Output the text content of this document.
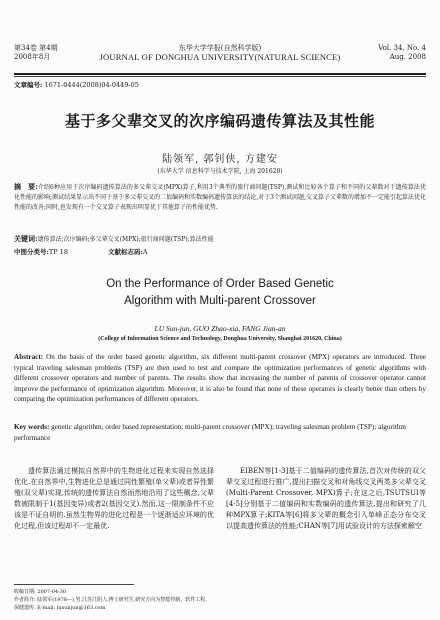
第34卷 第4期
2008年8月
东华大学学报(自然科学版)
JOURNAL OF DONGHUA UNIVERSITY(NATURAL SCIENCE)
Vol. 34, No. 4
Aug. 2008
文章编号: 1671-0444(2008)04-0449-05
基于多父辈交叉的次序编码遗传算法及其性能
陆领军, 郭钊侠, 方建安
(东华大学 信息科学与技术学院, 上海 201620)
摘　要:介绍6种应用于次序编码遗传算法的多父辈交叉(MPX)算子,利用3个典型的旅行商问题(TSP),测试和比较各个算子和不同的父辈数对于遗传算法优化性能的影响;测试结果显示出不同于基于多父辈交叉的二值编码和实数编码遗传算法的结论,对于3个测试问题,交叉算子父辈数的增加不一定能引起算法优化性能的改善;同时,也发现有一个交叉算子表现出明显优于其他算子的性能优势.
关键词:遗传算法;次序编码;多父辈交叉(MPX);旅行商问题(TSP);算法性能
中图分类号:TP 18	文献标志码:A
On the Performance of Order Based Genetic
Algorithm with Multi-parent Crossover
LU Sun-jun, GUO Zhao-xia, FANG Jian-an
(College of Information Science and Technology, Donghua University, Shanghai 201620, China)
Abstract: On the basis of the order based genetic algorithm, six different multi-parent crossover (MPX) operators are introduced. Three typical traveling salesman problems (TSP) are then used to test and compare the optimization performances of genetic algorithms with different crossover operators and number of parents. The results show that increasing the number of parents of crossover operator cannot improve the performance of optimization algorithm. Moreover, it is also be found that none of these operators is clearly better than others by comparing the optimization performances of different operators.
Key words: genetic algorithm; order based representation; multi-parent crossover (MPX); traveling salesman problem (TSP); algorithm performance
遗传算法通过模拟自然界中的生物进化过程来实现自然选择优化.在自然界中,生物进化总是通过同性繁殖(单父辈)或者异性繁殖(双父辈)实现,传统的遗传算法自然而然地沿用了这些概念,父辈数被限制于1(基因变异)或者2(基因交叉).然而,这一限制条件不应该是不证自明的.虽然生物界的进化过程是一个逐渐适应环境的优化过程,但该过程却不一定最优.
EIBEN等[1-3]基于二值编码的遗传算法,首次对传统的双父辈交叉过程进行推广,提出扫描交叉和对角线交叉两类多父辈交叉(Multi-Parent Crossover, MPX)算子;在这之后,TSUTSUI等[4-5]分别基于二值编码和实数编码的遗传算法,提出和研究了几种MPX算子;KITA等[6]将多父辈的概念引入单峰正态分布交叉以提高遗传算法的性能;CHAN等[7]用试验设计的方法探索解空
收稿日期: 2007-04-30
作者简介: 陆领军(1978—),男,江苏江阴人,博士研究生,研究方向为智能控制、软件工程、保健遗传. E-mail: lusunjun@163.com
